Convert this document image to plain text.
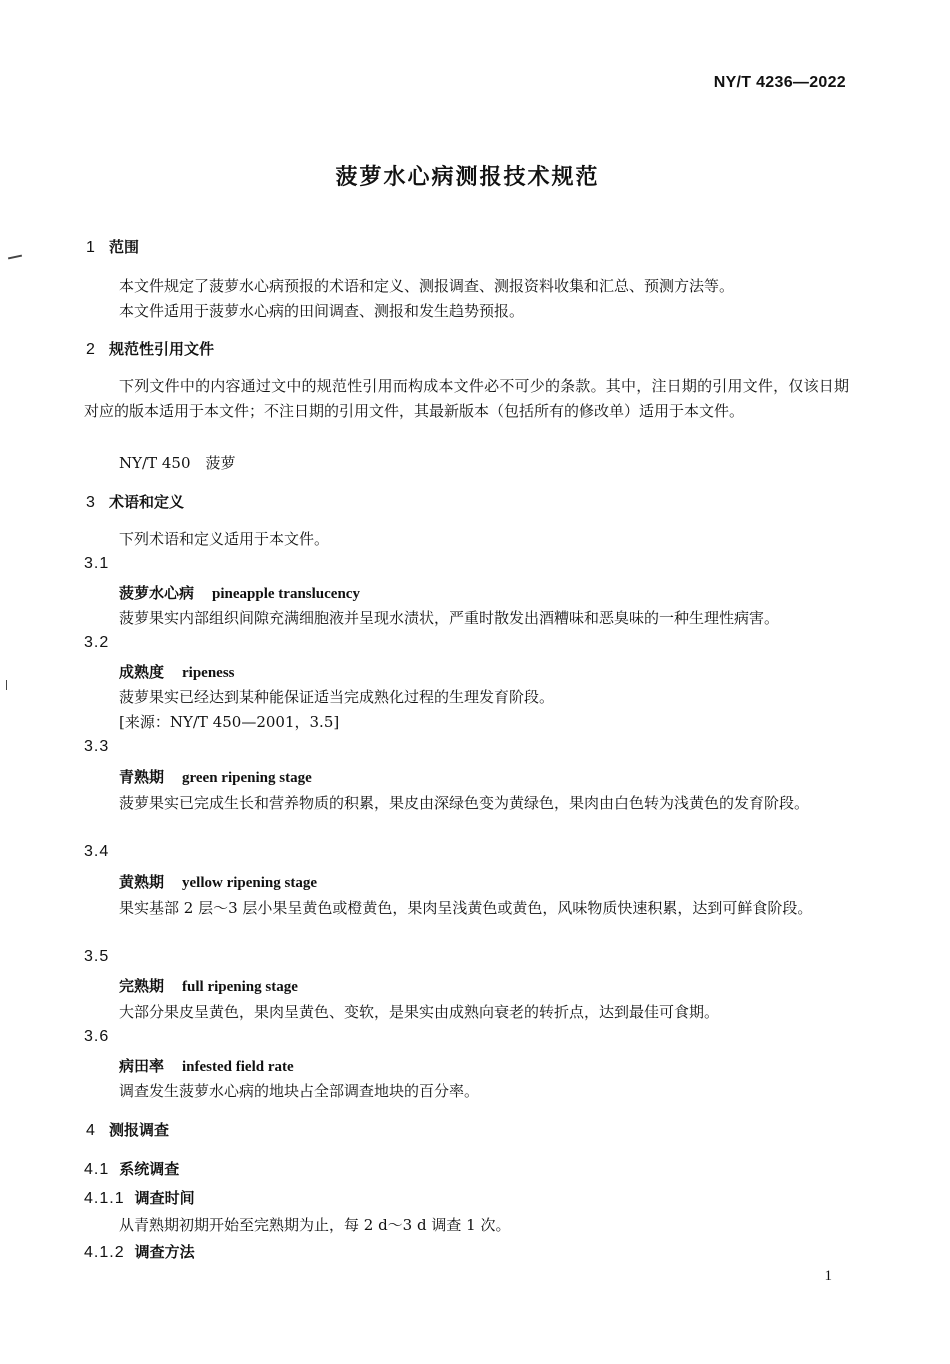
NY/T 4236—2022
菠萝水心病测报技术规范
1 范围
本文件规定了菠萝水心病预报的术语和定义、测报调查、测报资料收集和汇总、预测方法等。
本文件适用于菠萝水心病的田间调查、测报和发生趋势预报。
2 规范性引用文件
下列文件中的内容通过文中的规范性引用而构成本文件必不可少的条款。其中，注日期的引用文件，仅该日期对应的版本适用于本文件；不注日期的引用文件，其最新版本（包括所有的修改单）适用于本文件。
NY/T 450　菠萝
3 术语和定义
下列术语和定义适用于本文件。
3.1
菠萝水心病 pineapple translucency
菠萝果实内部组织间隙充满细胞液并呈现水渍状，严重时散发出酒糟味和恶臭味的一种生理性病害。
3.2
成熟度 ripeness
菠萝果实已经达到某种能保证适当完成熟化过程的生理发育阶段。
[来源：NY/T 450—2001，3.5]
3.3
青熟期 green ripening stage
菠萝果实已完成生长和营养物质的积累，果皮由深绿色变为黄绿色，果肉由白色转为浅黄色的发育阶段。
3.4
黄熟期 yellow ripening stage
果实基部 2 层～3 层小果呈黄色或橙黄色，果肉呈浅黄色或黄色，风味物质快速积累，达到可鲜食阶段。
3.5
完熟期 full ripening stage
大部分果皮呈黄色，果肉呈黄色、变软，是果实由成熟向衰老的转折点，达到最佳可食期。
3.6
病田率 infested field rate
调查发生菠萝水心病的地块占全部调查地块的百分率。
4 测报调查
4.1 系统调查
4.1.1 调查时间
从青熟期初期开始至完熟期为止，每 2 d～3 d 调查 1 次。
4.1.2 调查方法
1
